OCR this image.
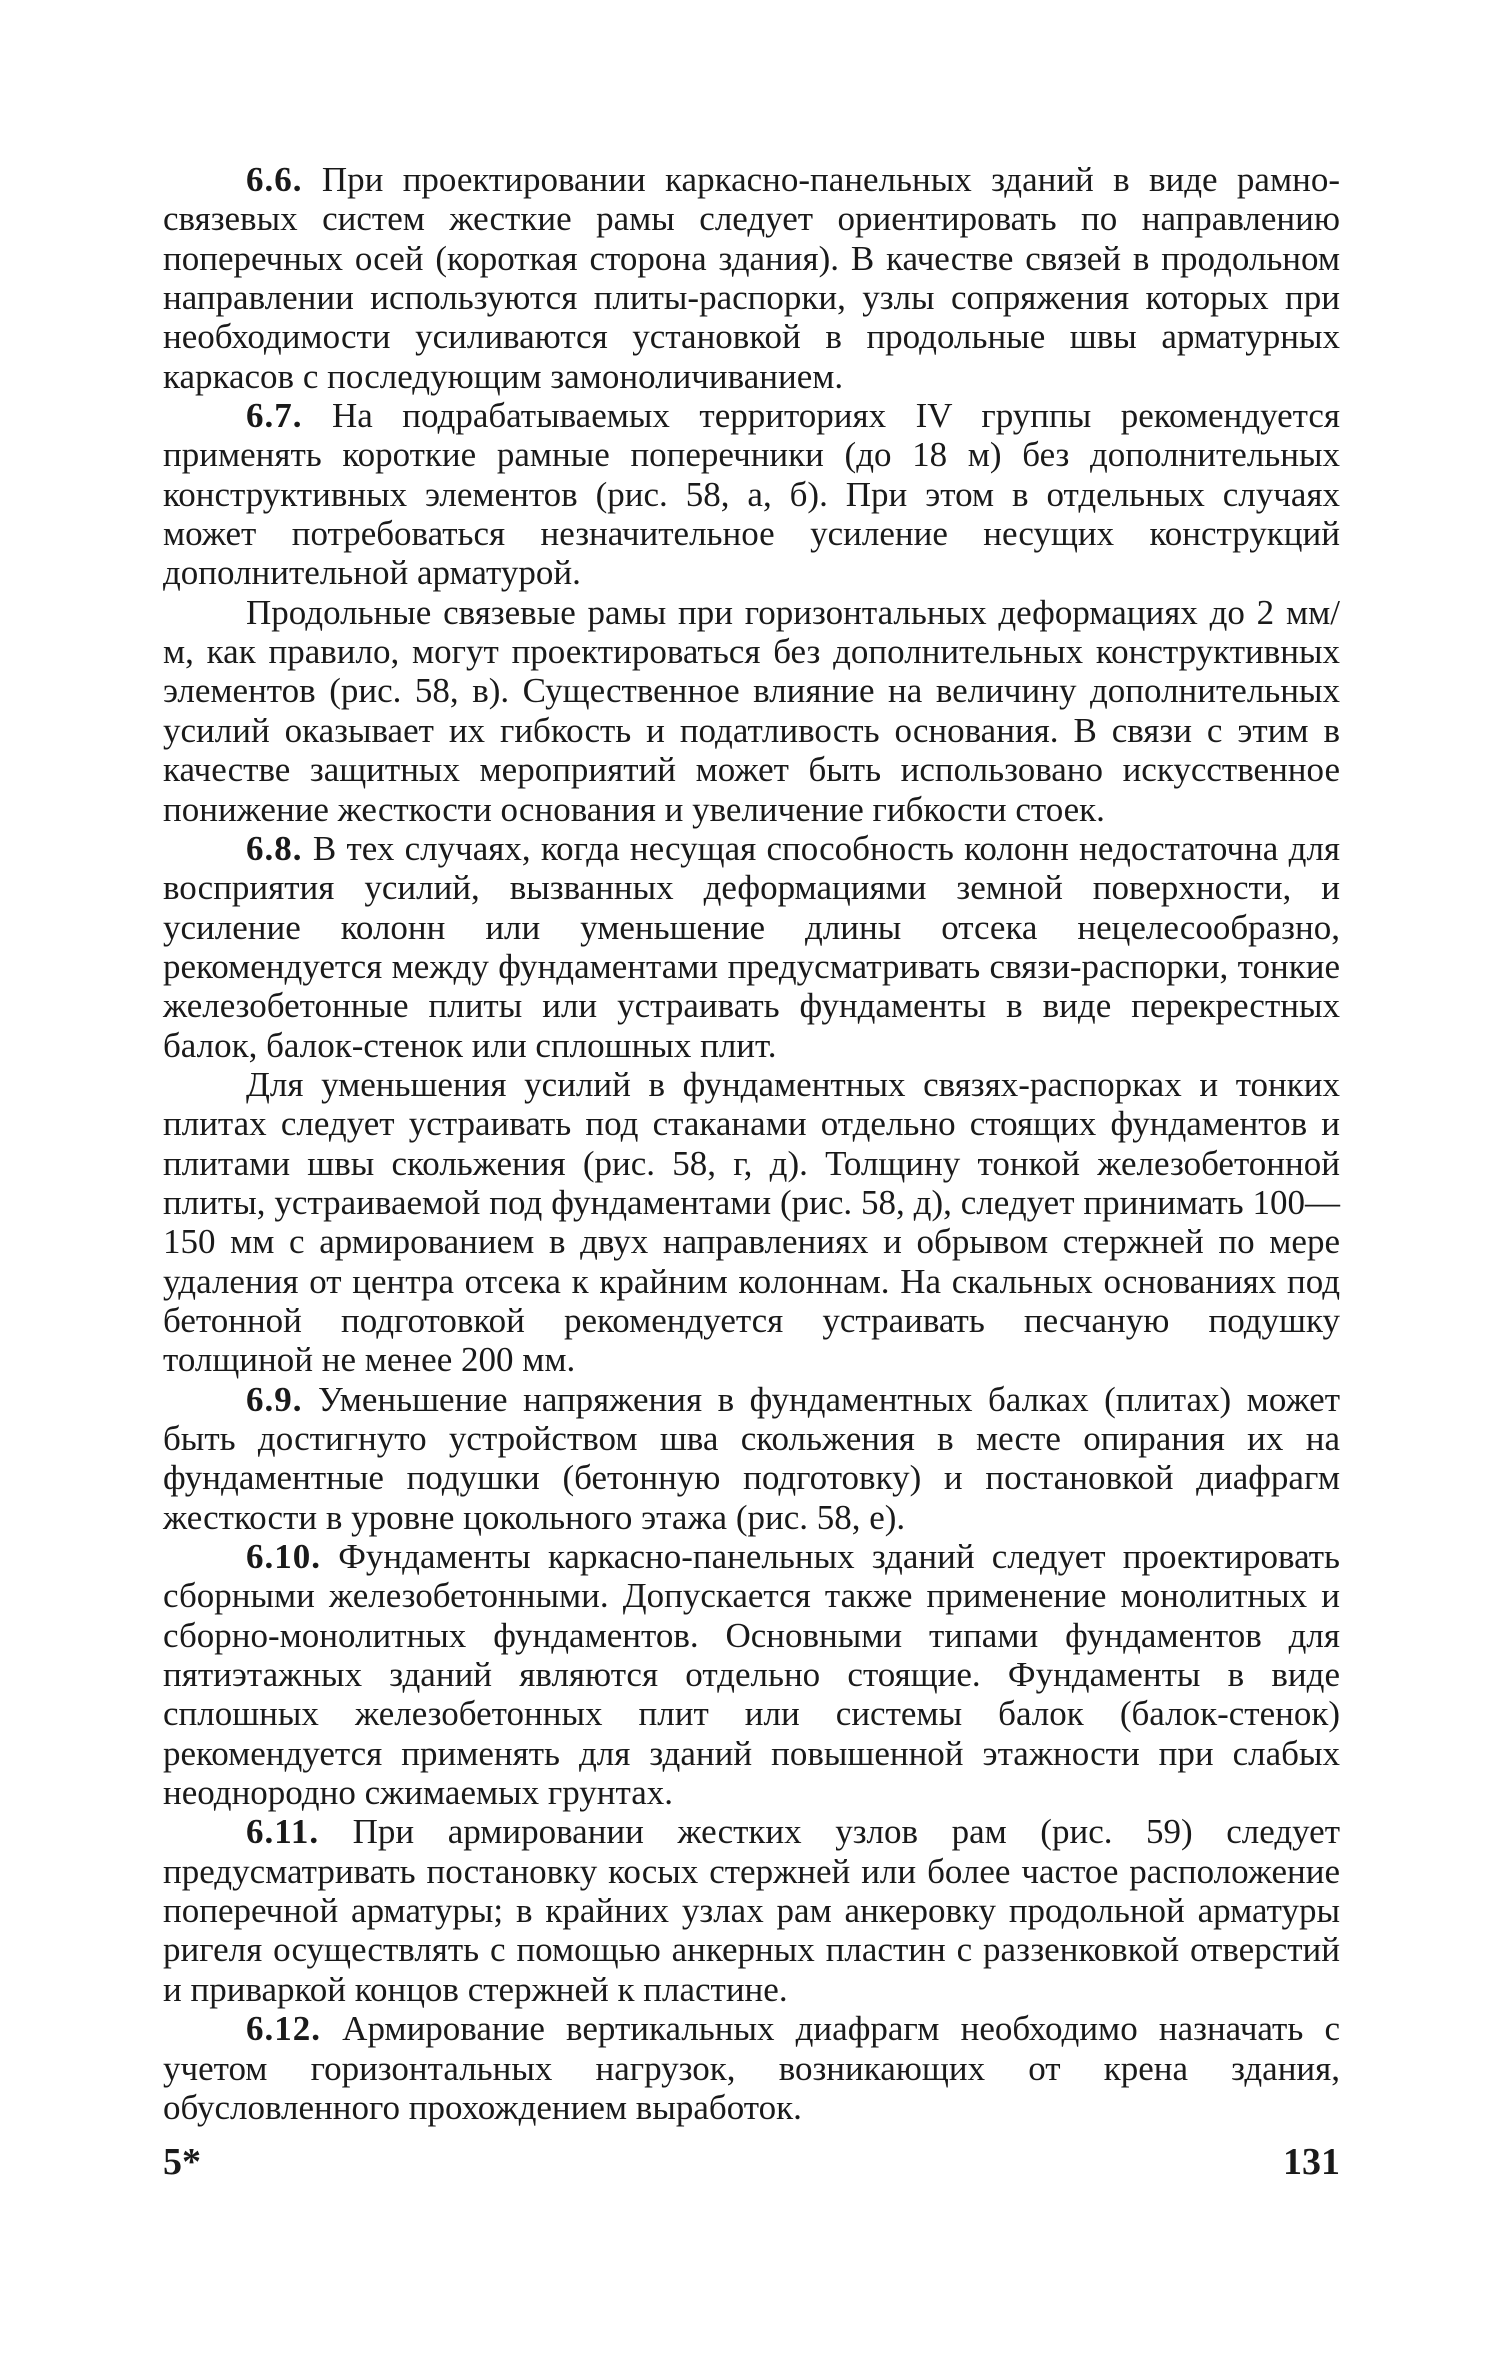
6.6. При проектировании каркасно-панельных зданий в виде рамно-связевых систем жесткие рамы следует ориентировать по направлению поперечных осей (короткая сторона здания). В качестве связей в продольном направлении используются плиты-распорки, узлы сопряжения которых при необходимости усиливаются установкой в продольные швы арматурных каркасов с последующим замоноличиванием.

6.7. На подрабатываемых территориях IV группы рекомендуется применять короткие рамные поперечники (до 18 м) без дополнительных конструктивных элементов (рис. 58, а, б). При этом в отдельных случаях может потребоваться незначительное усиление несущих конструкций дополнительной арматурой.

Продольные связевые рамы при горизонтальных деформациях до 2 мм/м, как правило, могут проектироваться без дополнительных конструктивных элементов (рис. 58, в). Существенное влияние на величину дополнительных усилий оказывает их гибкость и податливость основания. В связи с этим в качестве защитных мероприятий может быть использовано искусственное понижение жесткости основания и увеличение гибкости стоек.

6.8. В тех случаях, когда несущая способность колонн недостаточна для восприятия усилий, вызванных деформациями земной поверхности, и усиление колонн или уменьшение длины отсека нецелесообразно, рекомендуется между фундаментами предусматривать связи-распорки, тонкие железобетонные плиты или устраивать фундаменты в виде перекрестных балок, балок-стенок или сплошных плит.

Для уменьшения усилий в фундаментных связях-распорках и тонких плитах следует устраивать под стаканами отдельно стоящих фундаментов и плитами швы скольжения (рис. 58, г, д). Толщину тонкой железобетонной плиты, устраиваемой под фундаментами (рис. 58, д), следует принимать 100—150 мм с армированием в двух направлениях и обрывом стержней по мере удаления от центра отсека к крайним колоннам. На скальных основаниях под бетонной подготовкой рекомендуется устраивать песчаную подушку толщиной не менее 200 мм.

6.9. Уменьшение напряжения в фундаментных балках (плитах) может быть достигнуто устройством шва скольжения в месте опирания их на фундаментные подушки (бетонную подготовку) и постановкой диафрагм жесткости в уровне цокольного этажа (рис. 58, е).

6.10. Фундаменты каркасно-панельных зданий следует проектировать сборными железобетонными. Допускается также применение монолитных и сборно-монолитных фундаментов. Основными типами фундаментов для пятиэтажных зданий являются отдельно стоящие. Фундаменты в виде сплошных железобетонных плит или системы балок (балок-стенок) рекомендуется применять для зданий повышенной этажности при слабых неоднородно сжимаемых грунтах.

6.11. При армировании жестких узлов рам (рис. 59) следует предусматривать постановку косых стержней или более частое расположение поперечной арматуры; в крайних узлах рам анкеровку продольной арматуры ригеля осуществлять с помощью анкерных пластин с раззенковкой отверстий и приваркой концов стержней к пластине.

6.12. Армирование вертикальных диафрагм необходимо назначать с учетом горизонтальных нагрузок, возникающих от крена здания, обусловленного прохождением выработок.

5*	131
